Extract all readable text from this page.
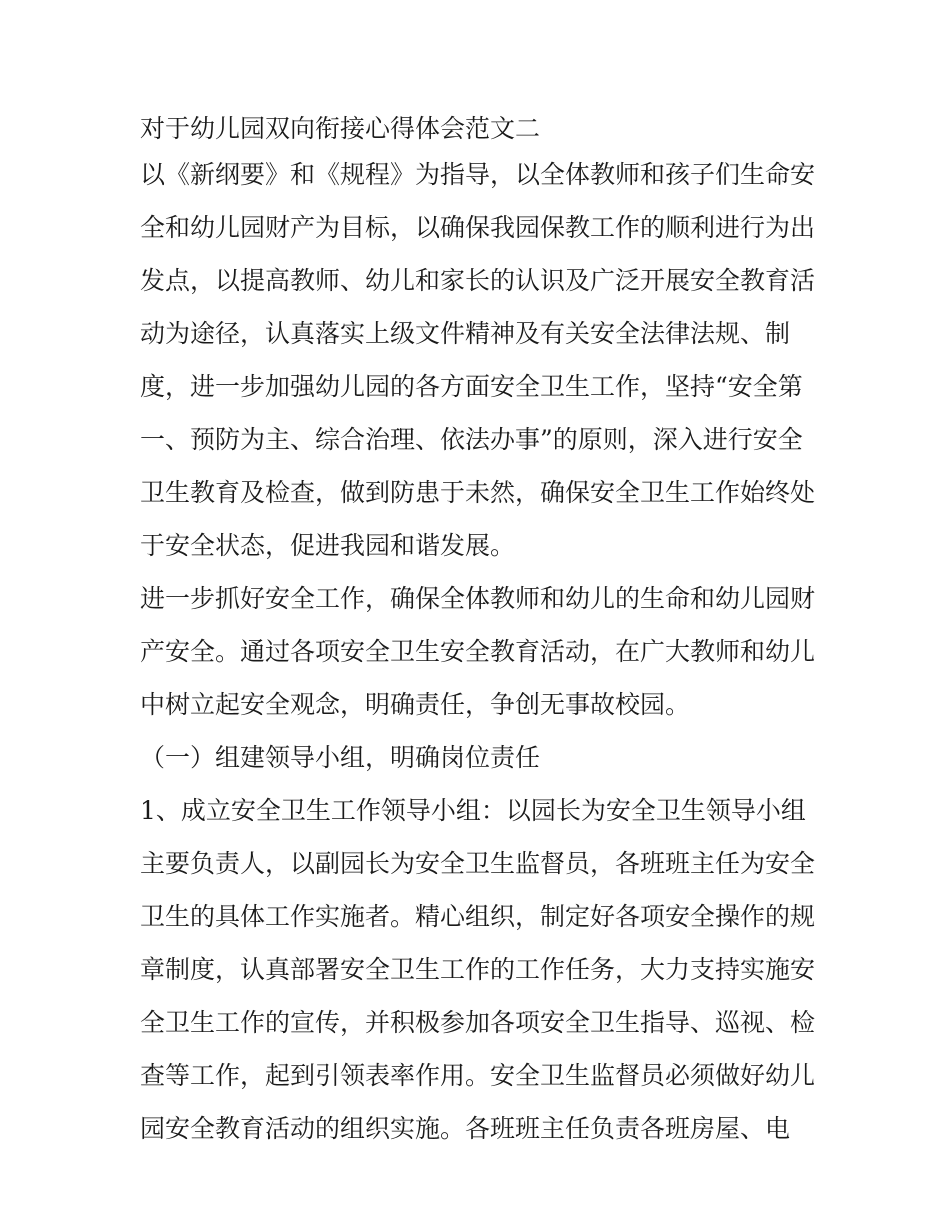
对于幼儿园双向衔接心得体会范文二
以《新纲要》和《规程》为指导，以全体教师和孩子们生命安
全和幼儿园财产为目标，以确保我园保教工作的顺利进行为出
发点，以提高教师、幼儿和家长的认识及广泛开展安全教育活
动为途径，认真落实上级文件精神及有关安全法律法规、制
度，进一步加强幼儿园的各方面安全卫生工作，坚持“安全第
一、预防为主、综合治理、依法办事”的原则，深入进行安全
卫生教育及检查，做到防患于未然，确保安全卫生工作始终处
于安全状态，促进我园和谐发展。
进一步抓好安全工作，确保全体教师和幼儿的生命和幼儿园财
产安全。通过各项安全卫生安全教育活动，在广大教师和幼儿
中树立起安全观念，明确责任，争创无事故校园。
（一）组建领导小组，明确岗位责任
1、成立安全卫生工作领导小组：以园长为安全卫生领导小组
主要负责人，以副园长为安全卫生监督员，各班班主任为安全
卫生的具体工作实施者。精心组织，制定好各项安全操作的规
章制度，认真部署安全卫生工作的工作任务，大力支持实施安
全卫生工作的宣传，并积极参加各项安全卫生指导、巡视、检
查等工作，起到引领表率作用。安全卫生监督员必须做好幼儿
园安全教育活动的组织实施。各班班主任负责各班房屋、电
